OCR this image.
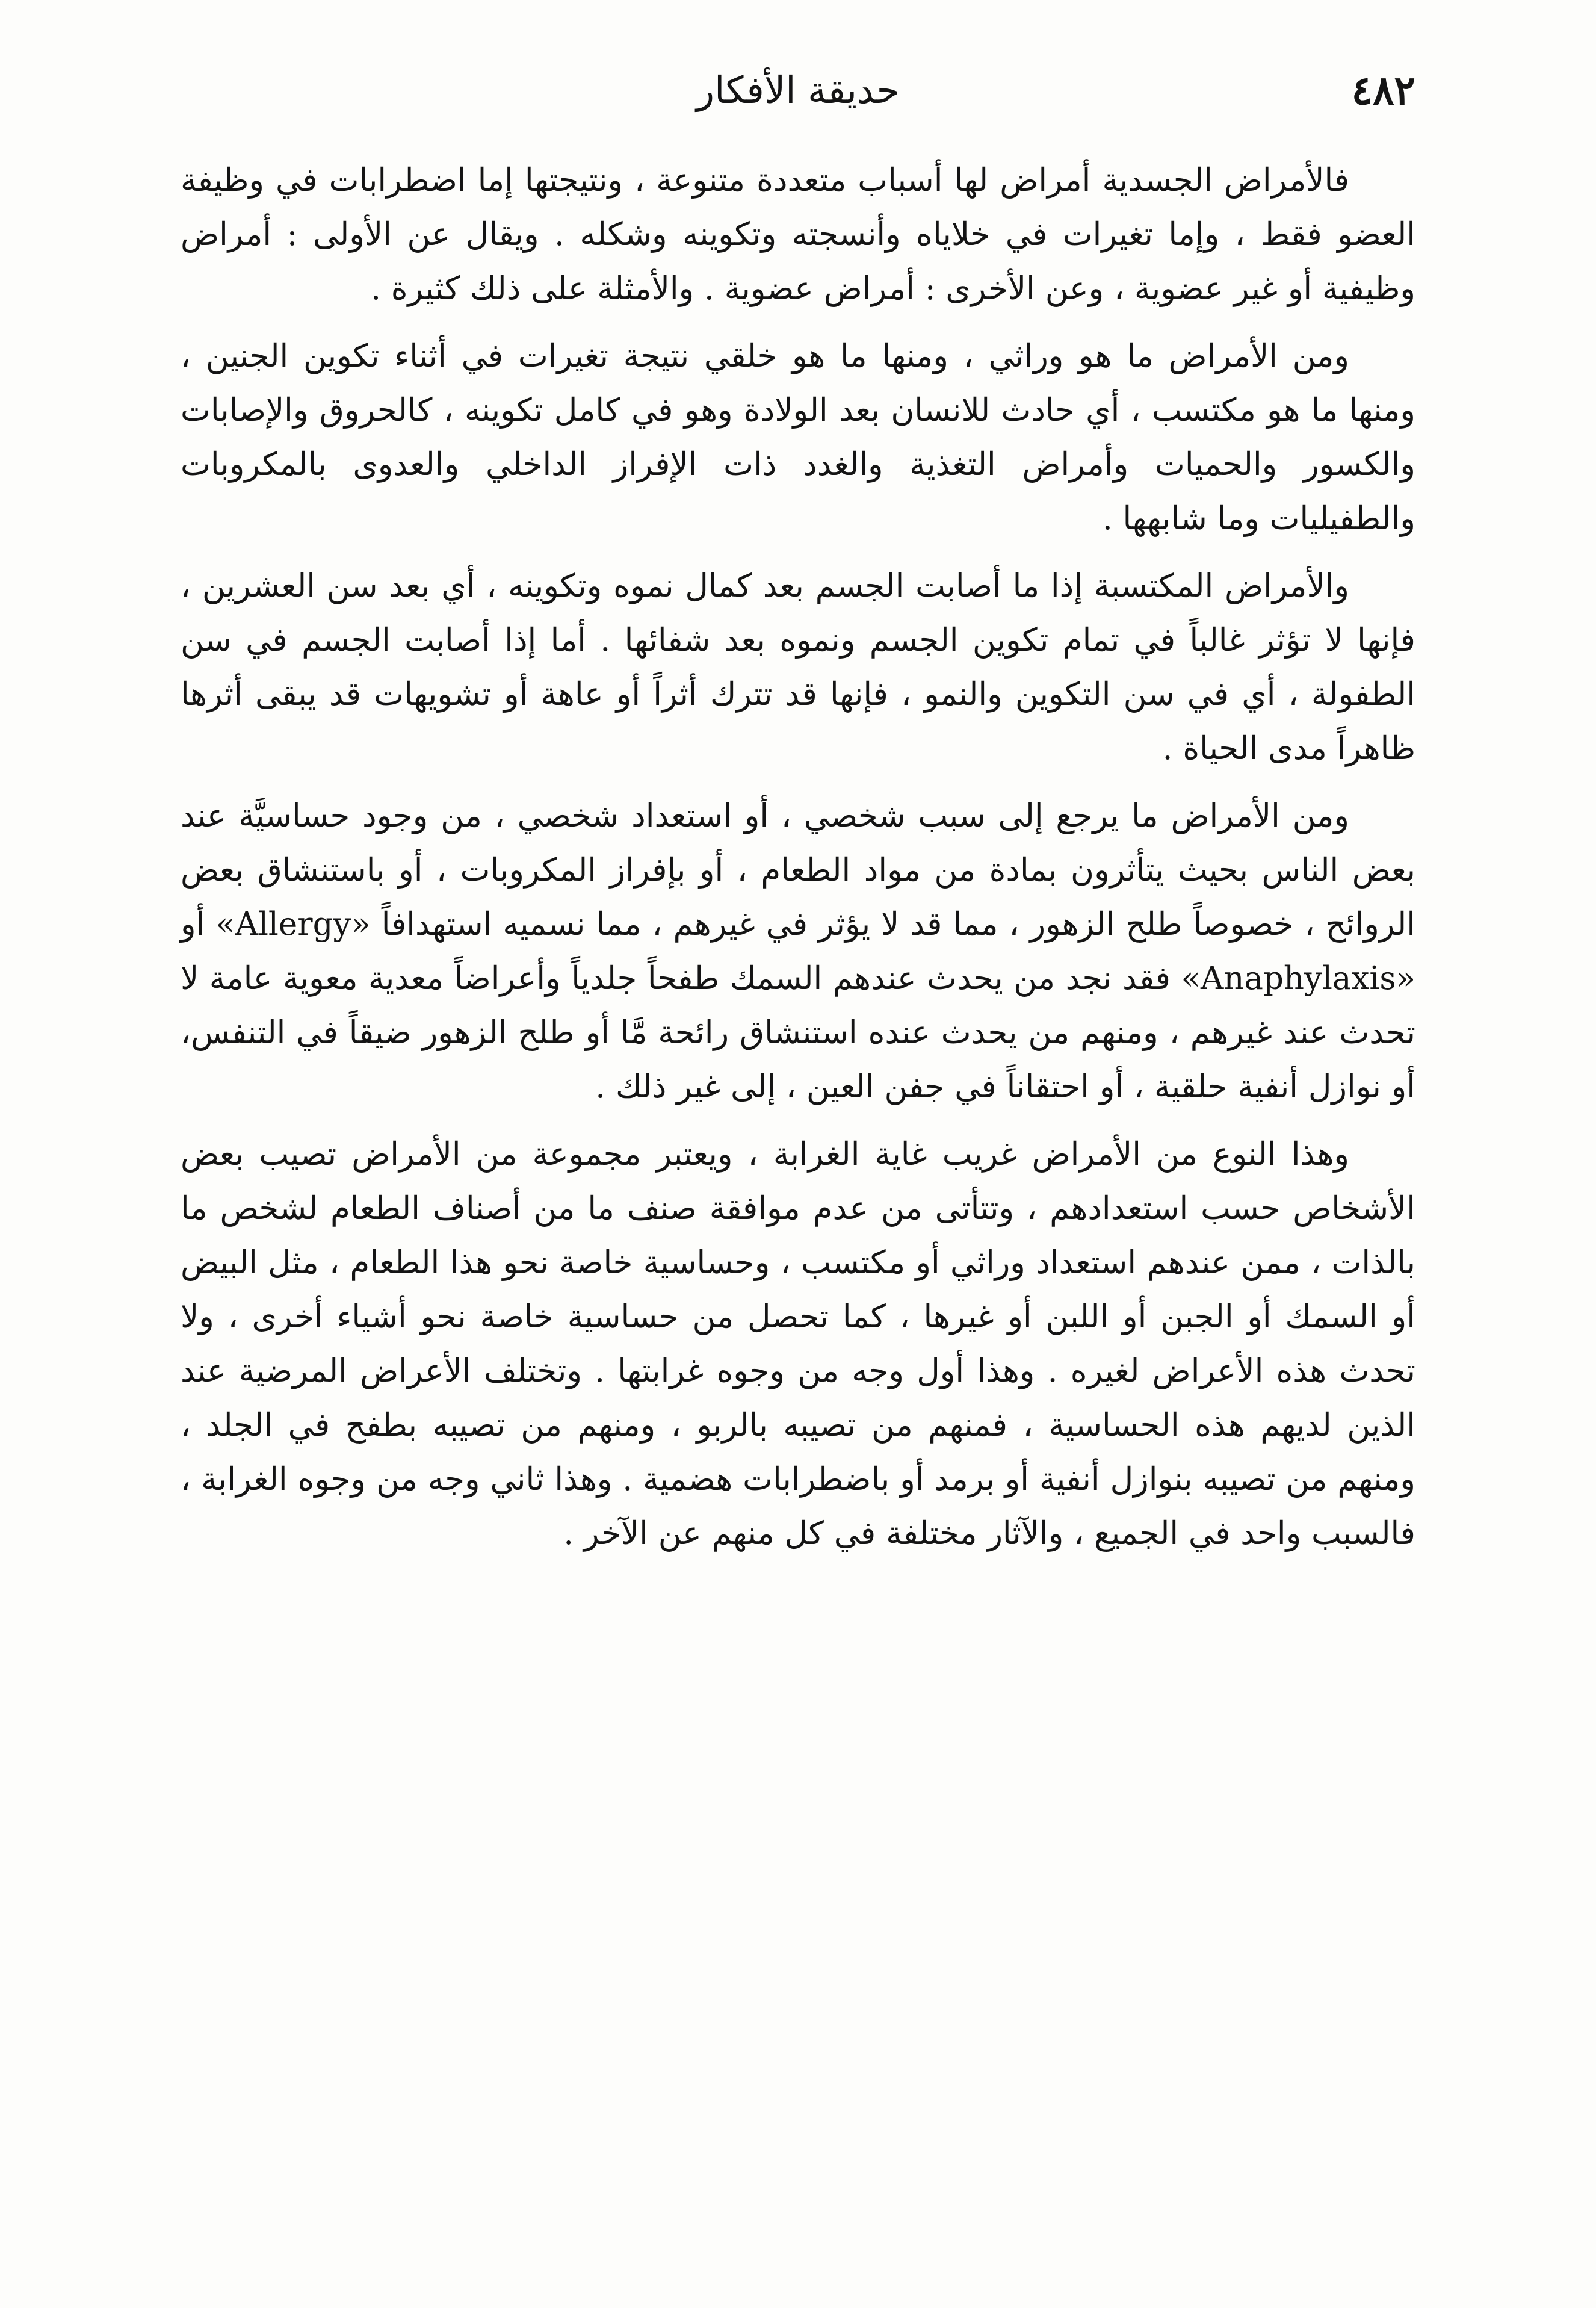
٤٨٢
حديقة الأفكار

فالأمراض الجسدية أمراض لها أسباب متعددة متنوعة ، ونتيجتها إما اضطرابات في وظيفة العضو فقط ، وإما تغيرات في خلاياه وأنسجته وتكوينه وشكله . ويقال عن الأولى : أمراض وظيفية أو غير عضوية ، وعن الأخرى : أمراض عضوية . والأمثلة على ذلك كثيرة .

ومن الأمراض ما هو وراثي ، ومنها ما هو خلقي نتيجة تغيرات في أثناء تكوين الجنين ، ومنها ما هو مكتسب ، أي حادث للانسان بعد الولادة وهو في كامل تكوينه ، كالحروق والإصابات والكسور والحميات وأمراض التغذية والغدد ذات الإفراز الداخلي والعدوى بالمكروبات والطفيليات وما شابهها .

والأمراض المكتسبة إذا ما أصابت الجسم بعد كمال نموه وتكوينه ، أي بعد سن العشرين ، فإنها لا تؤثر غالباً في تمام تكوين الجسم ونموه بعد شفائها . أما إذا أصابت الجسم في سن الطفولة ، أي في سن التكوين والنمو ، فإنها قد تترك أثراً أو عاهة أو تشويهات قد يبقى أثرها ظاهراً مدى الحياة .

ومن الأمراض ما يرجع إلى سبب شخصي ، أو استعداد شخصي ، من وجود حساسيَّة عند بعض الناس بحيث يتأثرون بمادة من مواد الطعام ، أو بإفراز المكروبات ، أو باستنشاق بعض الروائح ، خصوصاً طلح الزهور ، مما قد لا يؤثر في غيرهم ، مما نسميه استهدافاً «Allergy» أو «Anaphylaxis» فقد نجد من يحدث عندهم السمك طفحاً جلدياً وأعراضاً معدية معوية عامة لا تحدث عند غيرهم ، ومنهم من يحدث عنده استنشاق رائحة مَّا أو طلح الزهور ضيقاً في التنفس، أو نوازل أنفية حلقية ، أو احتقاناً في جفن العين ، إلى غير ذلك .

وهذا النوع من الأمراض غريب غاية الغرابة ، ويعتبر مجموعة من الأمراض تصيب بعض الأشخاص حسب استعدادهم ، وتتأتى من عدم موافقة صنف ما من أصناف الطعام لشخص ما بالذات ، ممن عندهم استعداد وراثي أو مكتسب ، وحساسية خاصة نحو هذا الطعام ، مثل البيض أو السمك أو الجبن أو اللبن أو غيرها ، كما تحصل من حساسية خاصة نحو أشياء أخرى ، ولا تحدث هذه الأعراض لغيره . وهذا أول وجه من وجوه غرابتها . وتختلف الأعراض المرضية عند الذين لديهم هذه الحساسية ، فمنهم من تصيبه بالربو ، ومنهم من تصيبه بطفح في الجلد ، ومنهم من تصيبه بنوازل أنفية أو برمد أو باضطرابات هضمية . وهذا ثاني وجه من وجوه الغرابة ، فالسبب واحد في الجميع ، والآثار مختلفة في كل منهم عن الآخر .
